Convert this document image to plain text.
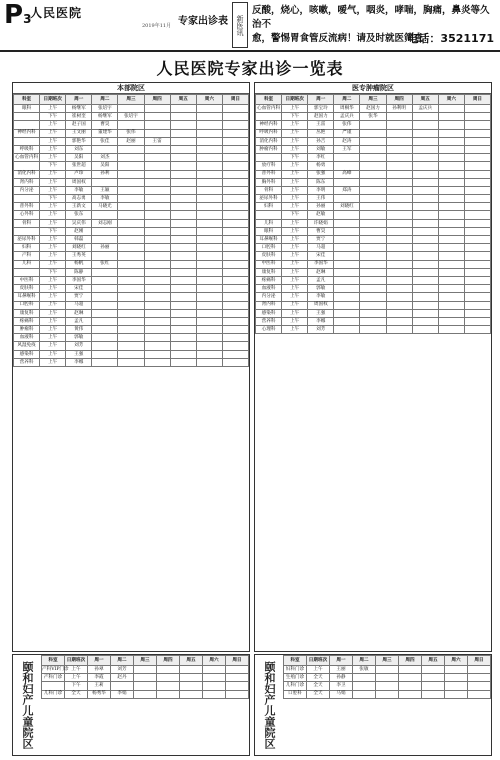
P3
人民医院
2019年11月 专家出诊表	新医讯
反酸，烧心，咳嗽，嗳气，咽炎，哮喘，胸痛，鼻炎等久治不
愈，警惕胃食管反流病！请及时就医筛查！
电话：3521171
人民医院专家出诊一览表
本部院区
科室	日期班次	周一	周二	周三	周四	周五	周六	周日
眼科	上午	杨继军	张培宇					
	下午	崔树奎	杨继军	张培宇				
	上午	赵子国	曹昊					
神经内科	上午	王文丽	董建华	张伟				
	上午	郭艳华	张佳	赵丽	王雷			
呼吸科	上午	刘东						
心血管内科	上午	吴阳	刘杰					
	下午	张世超	吴阳					
消化内科	上午	卢珍	孙利					
肾内科	上午	周国权						
内分泌	上午	李敏	王颖					
	下午	高志勇	李敏					
普外科	上午	王新文	马晓光					
心外科	上午	张东						
骨科	上午	吴庆伟	刘志刚					
	下午	赵刚						
泌尿外科	上午	韩磊						
妇科	上午	刘晓红	孙丽					
产科	上午	王秀英						
儿科	上午	杨帆	张红					
	下午	陈静						
中医科	上午	李国华						
皮肤科	上午	宋佳						
耳鼻喉科	上午	贾宁						
口腔科	上午	马超						
康复科	上午	赵琳						
疼痛科	上午	孟凡						
肿瘤科	上午	黄伟						
血液科	上午	郭敏						
风湿免疫	上午	刘芳						
感染科	上午	王强						
营养科	上午	李娜						
医专肿瘤院区
科室	日期班次	周一	周二	周三	周四	周五	周六	周日
心血管内科	上午	郭宝玲	周桐华	赵国力	孙利明	孟庆兵		
	下午	赵国力	孟庆兵	张华				
神经内科	上午	王雷	张伟					
呼吸内科	上午	丛艳	严谨					
消化内科	上午	孙吉	赵涛					
肿瘤内科	上午	刘敏	王军					
	下午	李红						
放疗科	上午	杨勇						
普外科	上午	张强	高峰					
胸外科	上午	陈东						
骨科	上午	李明	郑涛					
泌尿外科	上午	王伟						
妇科	上午	孙丽	刘晓红					
	下午	赵敏						
儿科	上午	许晓娟						
眼科	上午	曹昊						
耳鼻喉科	上午	贾宁						
口腔科	上午	马超						
皮肤科	上午	宋佳						
中医科	上午	李国华						
康复科	上午	赵琳						
疼痛科	上午	孟凡						
血液科	上午	郭敏						
内分泌	上午	李敏						
肾内科	上午	周国权						
感染科	上午	王强						
营养科	上午	李娜						
心理科	上午	刘芳						
颐和妇产儿童院区
科室	日期班次	周一	周二	周三	周四	周五	周六	周日
产科VIP门诊	上午	孙翠	刘芳					
产科门诊	上午	李霞	赵丹					
	下午	王莉						
儿科门诊	全天	杨秀华	李娟						颐和妇产儿童院区
科室	日期班次	周一	周二	周三	周四	周五	周六	周日
妇科门诊	上午	王丽	张敏					
生殖门诊	全天	孙静						
儿科门诊	全天	李卫						
口腔科	全天	马娟						
